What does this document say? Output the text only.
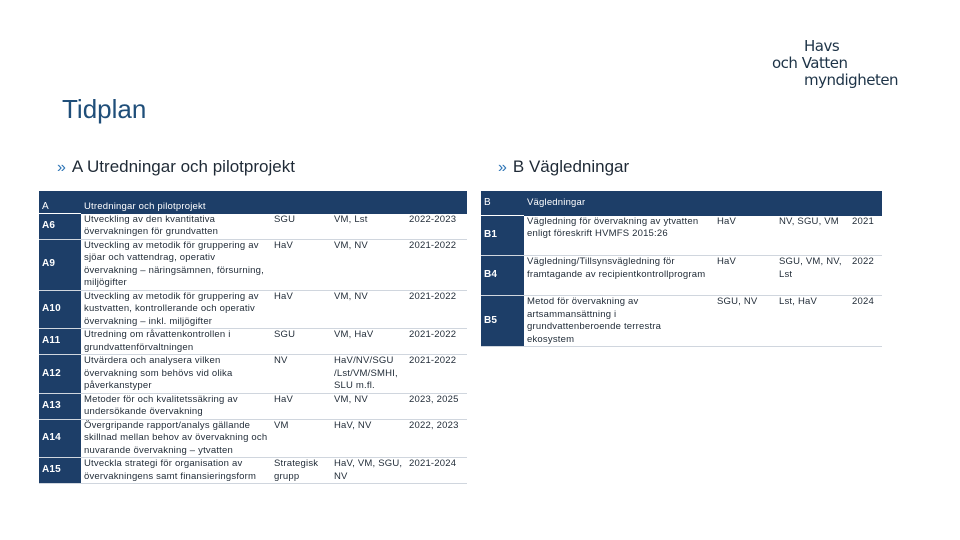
Havs
och Vatten
myndigheten
Tidplan
» A Utredningar och pilotprojekt	» B Vägledningar
A	Utredningar och pilotprojekt			
A6	Utveckling av den kvantitativa övervakningen för grundvatten	SGU	VM, Lst	2022-2023
A9	Utveckling av metodik för gruppering av sjöar och vattendrag, operativ övervakning – näringsämnen, försurning, miljögifter	HaV	VM, NV	2021-2022
A10	Utveckling av metodik för gruppering av kustvatten, kontrollerande och operativ övervakning – inkl. miljögifter	HaV	VM, NV	2021-2022
A11	Utredning om råvattenkontrollen i grundvattenförvaltningen	SGU	VM, HaV	2021-2022
A12	Utvärdera och analysera vilken övervakning som behövs vid olika påverkanstyper	NV	HaV/NV/SGU /Lst/VM/SMHI, SLU m.fl.	2021-2022
A13	Metoder för och kvalitetssäkring av undersökande övervakning	HaV	VM, NV	2023, 2025
A14	Övergripande rapport/analys gällande skillnad mellan behov av övervakning och nuvarande övervakning – ytvatten	VM	HaV, NV	2022, 2023
A15	Utveckla strategi för organisation av övervakningens samt finansieringsform	Strategisk grupp	HaV, VM, SGU, NV	2021-2024
B	Vägledningar			
B1	Vägledning för övervakning av ytvatten enligt föreskrift HVMFS 2015:26	HaV	NV, SGU, VM	2021
B4	Vägledning/Tillsynsvägledning för framtagande av recipientkontrollprogram	HaV	SGU, VM, NV, Lst	2022
B5	Metod för övervakning av artsammansättning i grundvattenberoende terrestra ekosystem	SGU, NV	Lst, HaV	2024
